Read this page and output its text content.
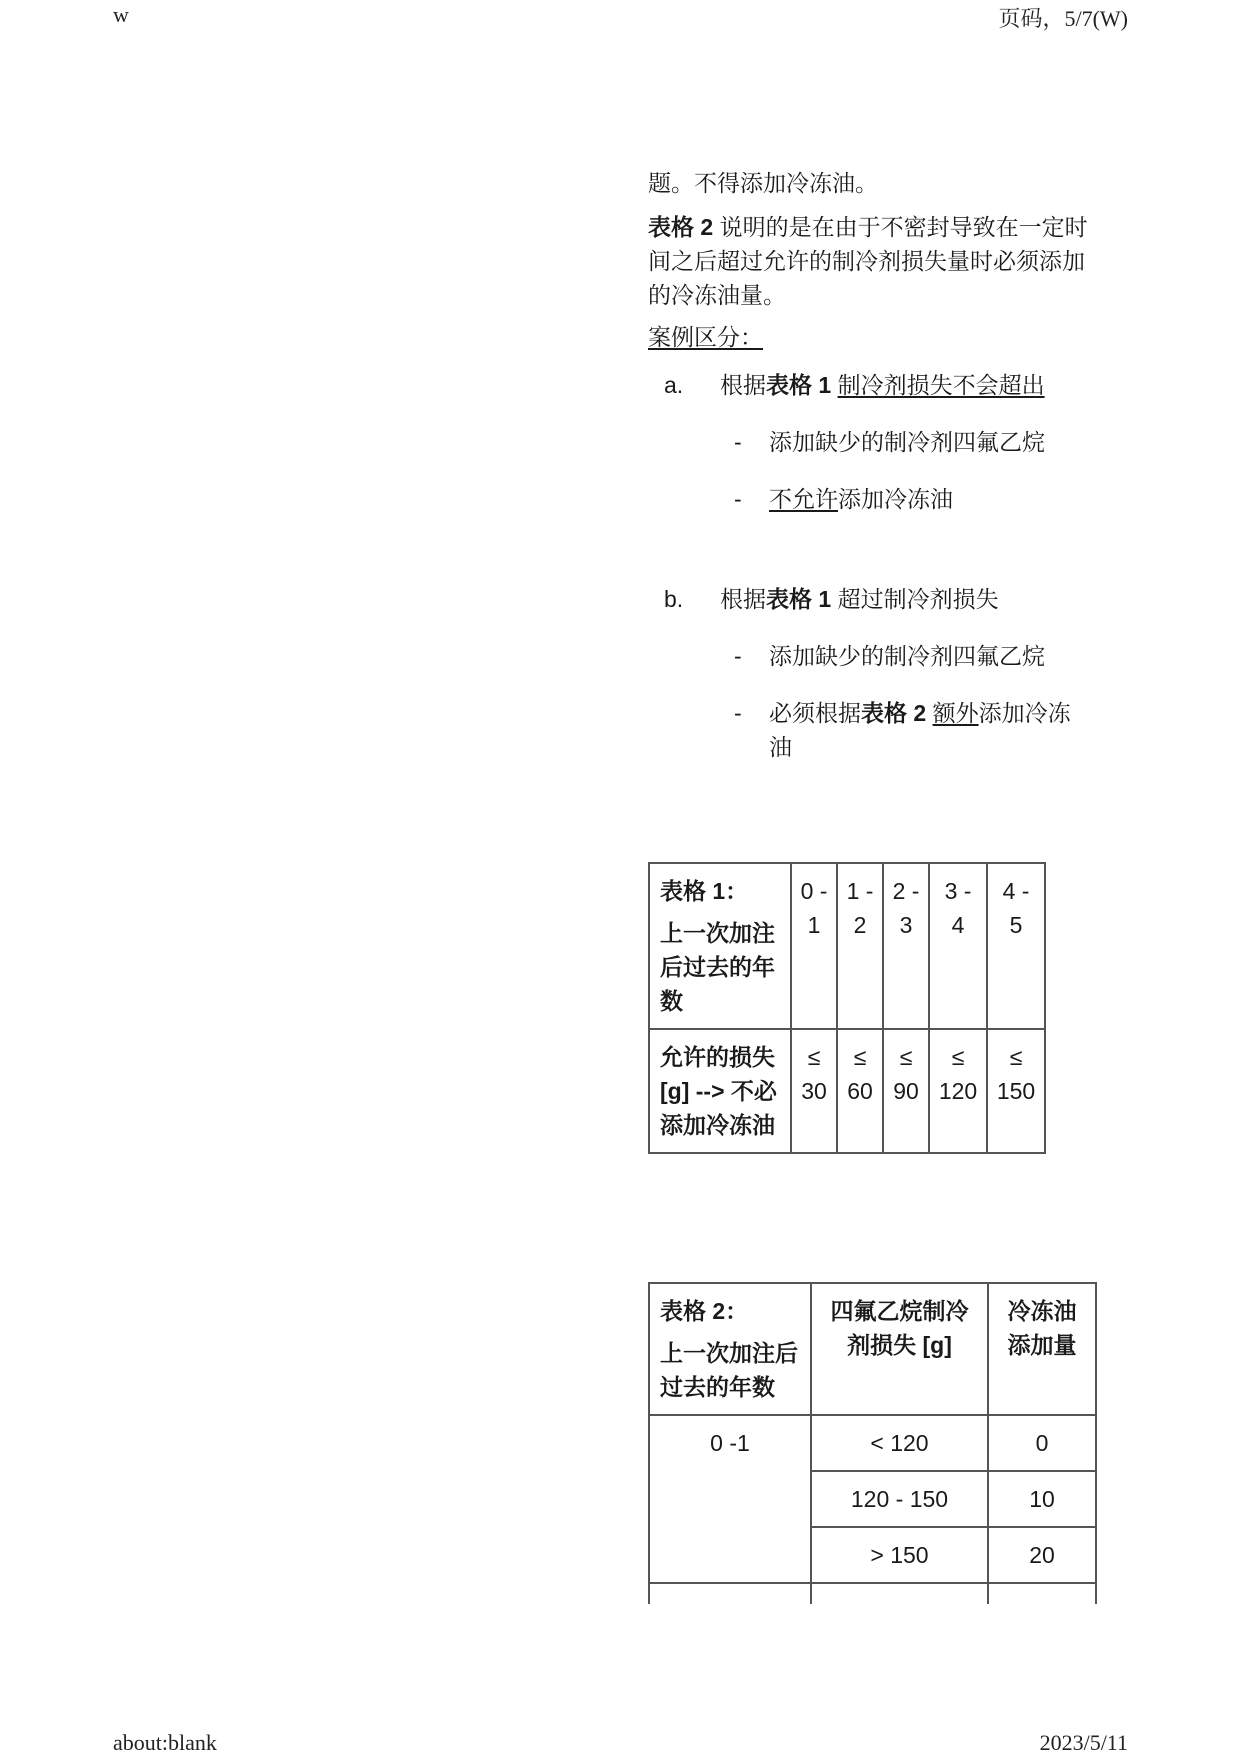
w	页码，5/7(W)

题。不得添加冷冻油。

表格 2 说明的是在由于不密封导致在一定时间之后超过允许的制冷剂损失量时必须添加的冷冻油量。

案例区分：

a. 根据表格 1 制冷剂损失不会超出
- 添加缺少的制冷剂四氟乙烷
- 不允许添加冷冻油
b. 根据表格 1 超过制冷剂损失
- 添加缺少的制冷剂四氟乙烷
- 必须根据表格 2 额外添加冷冻油
表格 1：
上一次加注后过去的年数	0 - 1	1 - 2	2 - 3	3 - 4	4 - 5
允许的损失 [g] --> 不必添加冷冻油	≤ 30	≤ 60	≤ 90	≤ 120	≤ 150
表格 2：
上一次加注后过去的年数	四氟乙烷制冷剂损失 [g]	冷冻油添加量
0 -1	< 120	0
	120 - 150	10
	> 150	20

about:blank	2023/5/11
